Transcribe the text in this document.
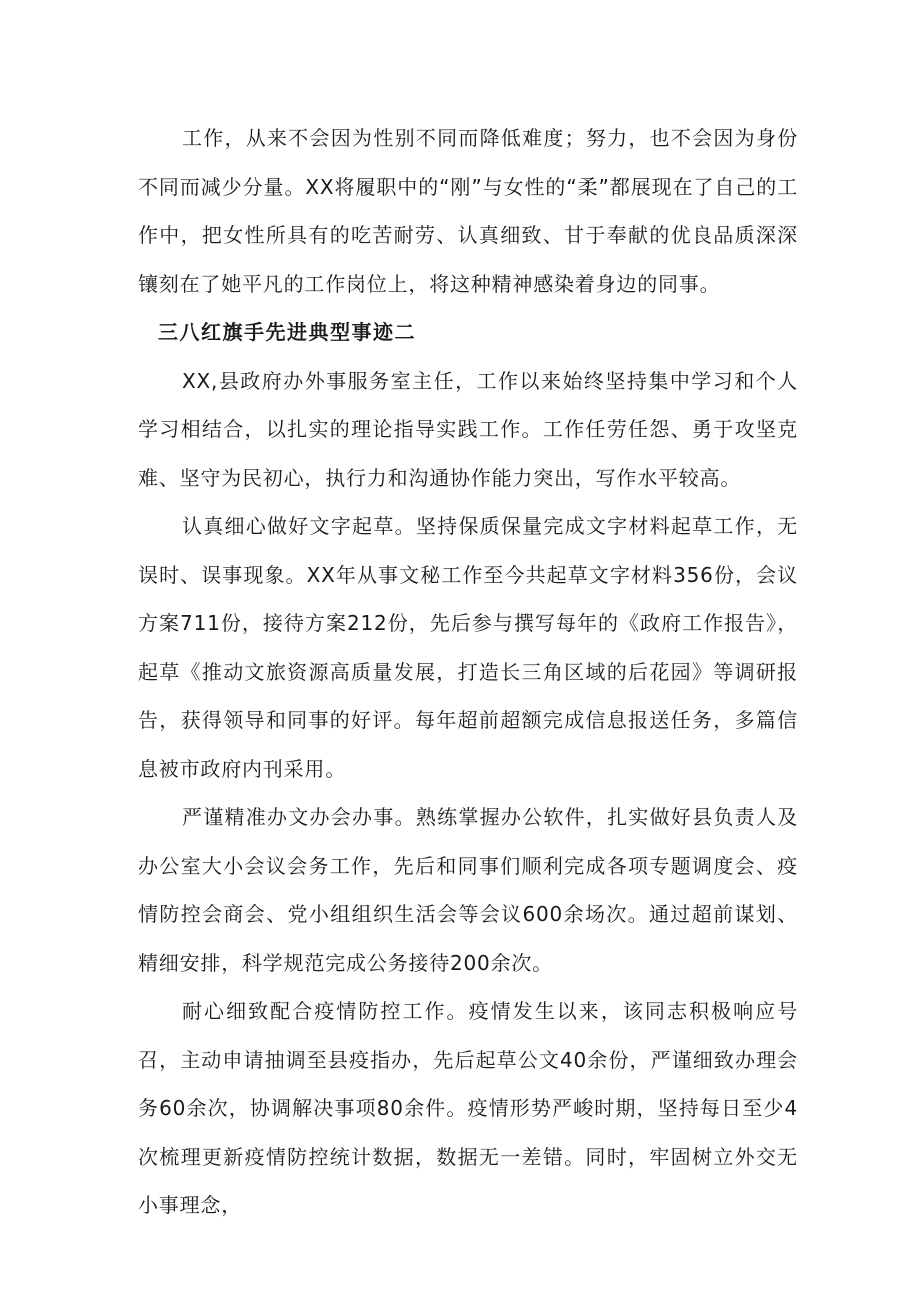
工作，从来不会因为性别不同而降低难度；努力，也不会因为身份不同而减少分量。XX将履职中的“刚”与女性的“柔”都展现在了自己的工作中，把女性所具有的吃苦耐劳、认真细致、甘于奉献的优良品质深深镶刻在了她平凡的工作岗位上，将这种精神感染着身边的同事。

三八红旗手先进典型事迹二

XX,县政府办外事服务室主任，工作以来始终坚持集中学习和个人学习相结合，以扎实的理论指导实践工作。工作任劳任怨、勇于攻坚克难、坚守为民初心，执行力和沟通协作能力突出，写作水平较高。

认真细心做好文字起草。坚持保质保量完成文字材料起草工作，无误时、误事现象。XX年从事文秘工作至今共起草文字材料356份，会议方案711份，接待方案212份，先后参与撰写每年的《政府工作报告》，起草《推动文旅资源高质量发展，打造长三角区域的后花园》等调研报告，获得领导和同事的好评。每年超前超额完成信息报送任务，多篇信息被市政府内刊采用。

严谨精准办文办会办事。熟练掌握办公软件，扎实做好县负责人及办公室大小会议会务工作，先后和同事们顺利完成各项专题调度会、疫情防控会商会、党小组组织生活会等会议600余场次。通过超前谋划、精细安排，科学规范完成公务接待200余次。

耐心细致配合疫情防控工作。疫情发生以来，该同志积极响应号召，主动申请抽调至县疫指办，先后起草公文40余份，严谨细致办理会务60余次，协调解决事项80余件。疫情形势严峻时期，坚持每日至少4次梳理更新疫情防控统计数据，数据无一差错。同时，牢固树立外交无小事理念，
